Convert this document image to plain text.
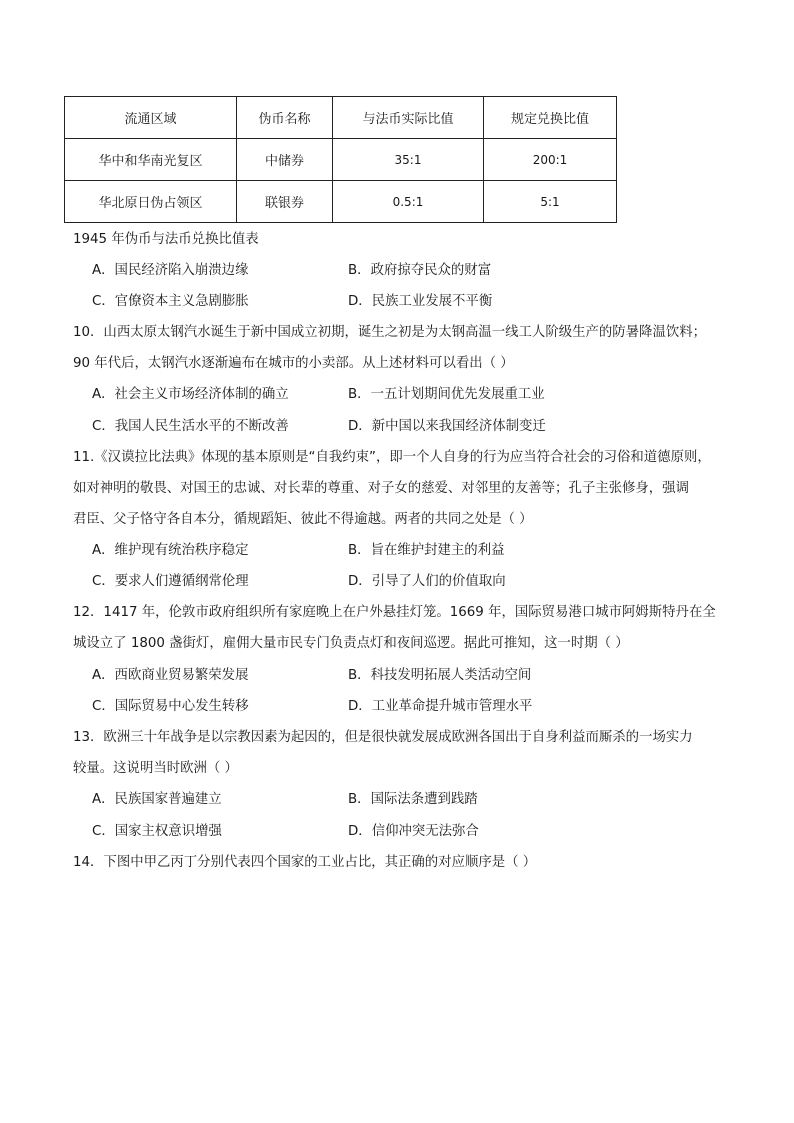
流通区域	伪币名称	与法币实际比值	规定兑换比值
华中和华南光复区	中储券	35:1	200:1
华北原日伪占领区	联银券	0.5:1	5:1
1945 年伪币与法币兑换比值表
A．国民经济陷入崩溃边缘	B．政府掠夺民众的财富
C．官僚资本主义急剧膨胀	D．民族工业发展不平衡
10．山西太原太钢汽水诞生于新中国成立初期，诞生之初是为太钢高温一线工人阶级生产的防暑降温饮料；
90 年代后，太钢汽水逐渐遍布在城市的小卖部。从上述材料可以看出（ ）
A．社会主义市场经济体制的确立	B．一五计划期间优先发展重工业
C．我国人民生活水平的不断改善	D．新中国以来我国经济体制变迁
11.《汉谟拉比法典》体现的基本原则是“自我约束”，即一个人自身的行为应当符合社会的习俗和道德原则，
如对神明的敬畏、对国王的忠诚、对长辈的尊重、对子女的慈爱、对邻里的友善等；孔子主张修身，强调
君臣、父子恪守各自本分，循规蹈矩、彼此不得逾越。两者的共同之处是（ ）
A．维护现有统治秩序稳定	B．旨在维护封建主的利益
C．要求人们遵循纲常伦理	D．引导了人们的价值取向
12．1417 年，伦敦市政府组织所有家庭晚上在户外悬挂灯笼。1669 年，国际贸易港口城市阿姆斯特丹在全
城设立了 1800 盏街灯，雇佣大量市民专门负责点灯和夜间巡逻。据此可推知，这一时期（ ）
A．西欧商业贸易繁荣发展	B．科技发明拓展人类活动空间
C．国际贸易中心发生转移	D．工业革命提升城市管理水平
13．欧洲三十年战争是以宗教因素为起因的，但是很快就发展成欧洲各国出于自身利益而厮杀的一场实力
较量。这说明当时欧洲（ ）
A．民族国家普遍建立	B．国际法条遭到践踏
C．国家主权意识增强	D．信仰冲突无法弥合
14．下图中甲乙丙丁分别代表四个国家的工业占比，其正确的对应顺序是（ ）
